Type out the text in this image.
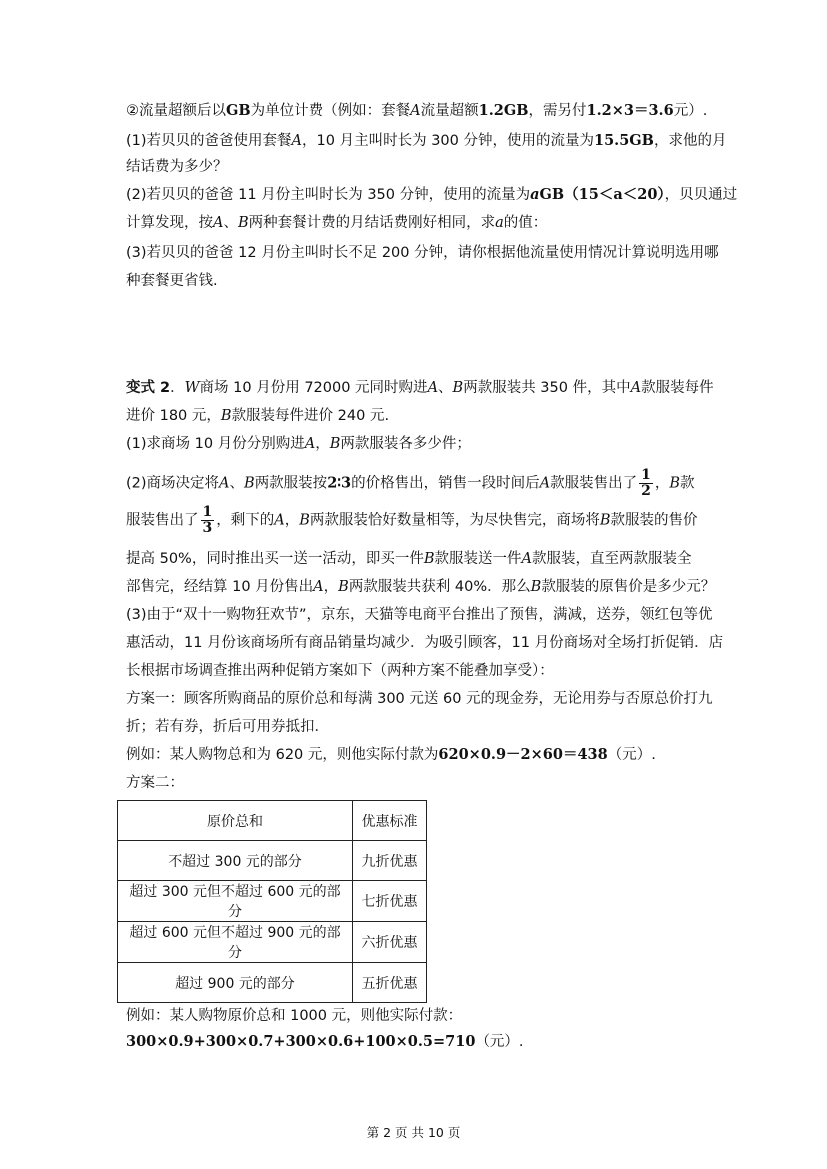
②流量超额后以GB为单位计费（例如：套餐A流量超额1.2GB，需另付1.2×3＝3.6元）.
(1)若贝贝的爸爸使用套餐A，10 月主叫时长为 300 分钟，使用的流量为15.5GB，求他的月
结话费为多少？
(2)若贝贝的爸爸 11 月份主叫时长为 350 分钟，使用的流量为aGB（15＜a＜20），贝贝通过
计算发现，按A、B两种套餐计费的月结话费刚好相同，求a的值：
(3)若贝贝的爸爸 12 月份主叫时长不足 200 分钟，请你根据他流量使用情况计算说明选用哪
种套餐更省钱.
变式 2．W商场 10 月份用 72000 元同时购进A、B两款服装共 350 件，其中A款服装每件
进价 180 元，B款服装每件进价 240 元.
(1)求商场 10 月份分别购进A，B两款服装各多少件；
(2)商场决定将A、B两款服装按2∶3的价格售出，销售一段时间后A款服装售出了 $\frac{1}{2}$ ，B款
服装售出了 $\frac{1}{3}$ ，剩下的A，B两款服装恰好数量相等，为尽快售完，商场将B款服装的售价
提高 50%，同时推出买一送一活动，即买一件B款服装送一件A款服装，直至两款服装全
部售完，经结算 10 月份售出A，B两款服装共获利 40%．那么B款服装的原售价是多少元？
(3)由于“双十一购物狂欢节”，京东，天猫等电商平台推出了预售，满减，送券，领红包等优
惠活动，11 月份该商场所有商品销量均减少．为吸引顾客，11 月份商场对全场打折促销．店
长根据市场调查推出两种促销方案如下（两种方案不能叠加享受）：
方案一：顾客所购商品的原价总和每满 300 元送 60 元的现金券，无论用券与否原总价打九
折；若有券，折后可用券抵扣．
例如：某人购物总和为 620 元，则他实际付款为620×0.9－2×60＝438（元）.
方案二：
原价总和	优惠标准
不超过 300 元的部分	九折优惠
超过 300 元但不超过 600 元的部分	七折优惠
超过 600 元但不超过 900 元的部分	六折优惠
超过 900 元的部分	五折优惠
例如：某人购物原价总和 1000 元，则他实际付款：
300×0.9+300×0.7+300×0.6+100×0.5=710（元）.
第 2 页 共 10 页
